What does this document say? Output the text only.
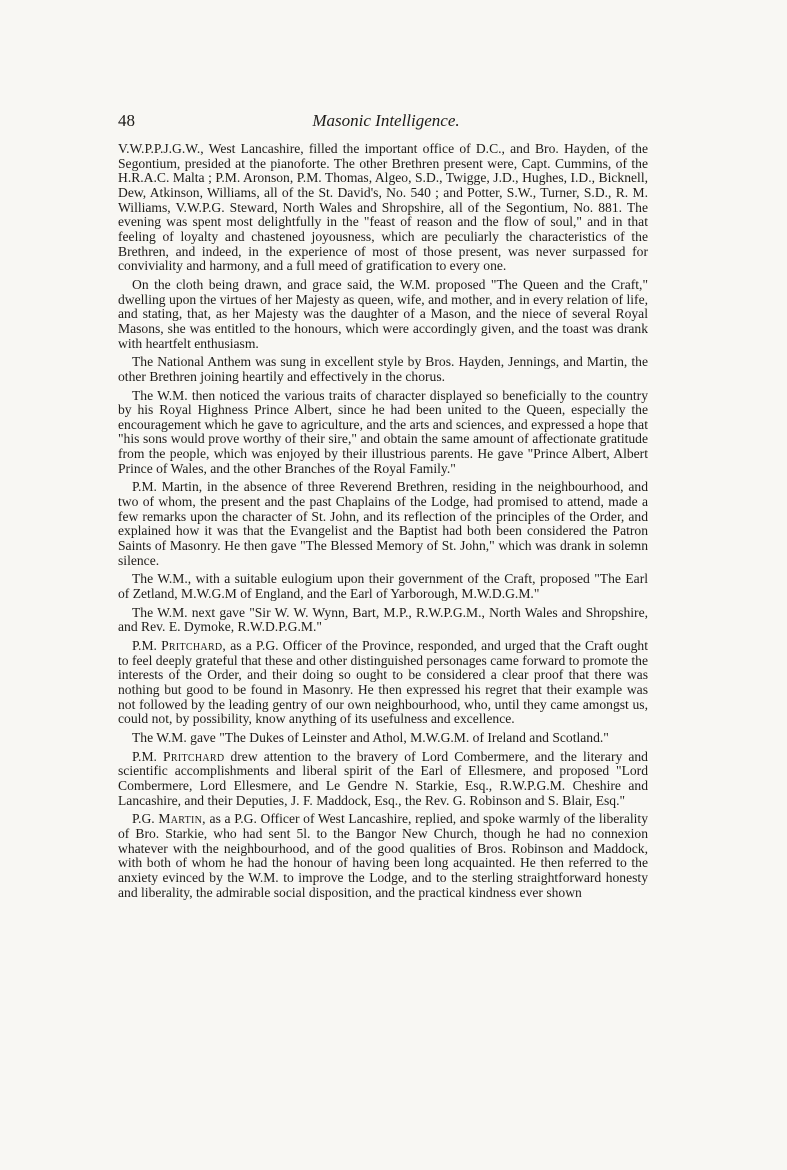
48	Masonic Intelligence.

V.W.P.P.J.G.W., West Lancashire, filled the important office of D.C., and Bro. Hayden, of the Segontium, presided at the pianoforte. The other Brethren present were, Capt. Cummins, of the H.R.A.C. Malta ; P.M. Aronson, P.M. Thomas, Algeo, S.D., Twigge, J.D., Hughes, I.D., Bicknell, Dew, Atkinson, Williams, all of the St. David's, No. 540 ; and Potter, S.W., Turner, S.D., R. M. Williams, V.W.P.G. Steward, North Wales and Shropshire, all of the Segontium, No. 881. The evening was spent most delightfully in the "feast of reason and the flow of soul," and in that feeling of loyalty and chastened joyousness, which are peculiarly the characteristics of the Brethren, and indeed, in the experience of most of those present, was never surpassed for conviviality and harmony, and a full meed of gratification to every one.

On the cloth being drawn, and grace said, the W.M. proposed "The Queen and the Craft," dwelling upon the virtues of her Majesty as queen, wife, and mother, and in every relation of life, and stating, that, as her Majesty was the daughter of a Mason, and the niece of several Royal Masons, she was entitled to the honours, which were accordingly given, and the toast was drank with heartfelt enthusiasm.

The National Anthem was sung in excellent style by Bros. Hayden, Jennings, and Martin, the other Brethren joining heartily and effectively in the chorus.

The W.M. then noticed the various traits of character displayed so beneficially to the country by his Royal Highness Prince Albert, since he had been united to the Queen, especially the encouragement which he gave to agriculture, and the arts and sciences, and expressed a hope that "his sons would prove worthy of their sire," and obtain the same amount of affectionate gratitude from the people, which was enjoyed by their illustrious parents. He gave "Prince Albert, Albert Prince of Wales, and the other Branches of the Royal Family."

P.M. Martin, in the absence of three Reverend Brethren, residing in the neighbourhood, and two of whom, the present and the past Chaplains of the Lodge, had promised to attend, made a few remarks upon the character of St. John, and its reflection of the principles of the Order, and explained how it was that the Evangelist and the Baptist had both been considered the Patron Saints of Masonry. He then gave "The Blessed Memory of St. John," which was drank in solemn silence.

The W.M., with a suitable eulogium upon their government of the Craft, proposed "The Earl of Zetland, M.W.G.M of England, and the Earl of Yarborough, M.W.D.G.M."

The W.M. next gave "Sir W. W. Wynn, Bart, M.P., R.W.P.G.M., North Wales and Shropshire, and Rev. E. Dymoke, R.W.D.P.G.M."

P.M. Pritchard, as a P.G. Officer of the Province, responded, and urged that the Craft ought to feel deeply grateful that these and other distinguished personages came forward to promote the interests of the Order, and their doing so ought to be considered a clear proof that there was nothing but good to be found in Masonry. He then expressed his regret that their example was not followed by the leading gentry of our own neighbourhood, who, until they came amongst us, could not, by possibility, know anything of its usefulness and excellence.

The W.M. gave "The Dukes of Leinster and Athol, M.W.G.M. of Ireland and Scotland."

P.M. Pritchard drew attention to the bravery of Lord Combermere, and the literary and scientific accomplishments and liberal spirit of the Earl of Ellesmere, and proposed "Lord Combermere, Lord Ellesmere, and Le Gendre N. Starkie, Esq., R.W.P.G.M. Cheshire and Lancashire, and their Deputies, J. F. Maddock, Esq., the Rev. G. Robinson and S. Blair, Esq."

P.G. Martin, as a P.G. Officer of West Lancashire, replied, and spoke warmly of the liberality of Bro. Starkie, who had sent 5l. to the Bangor New Church, though he had no connexion whatever with the neighbourhood, and of the good qualities of Bros. Robinson and Maddock, with both of whom he had the honour of having been long acquainted. He then referred to the anxiety evinced by the W.M. to improve the Lodge, and to the sterling straightforward honesty and liberality, the admirable social disposition, and the practical kindness ever shown
